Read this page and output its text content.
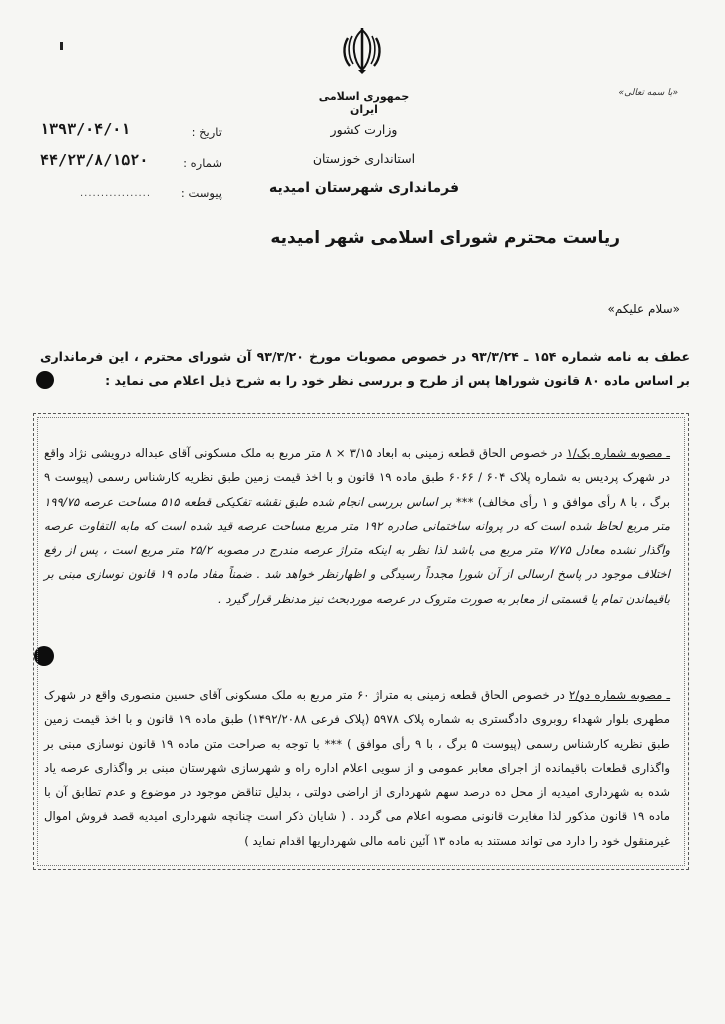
«با سمه تعالی»
جمهوری اسلامی ایران
وزارت کشور
استانداری خوزستان
فرمانداری شهرستان امیدیه
تاریخ :
۱۳۹۳/۰۴/۰۱
شماره :
۴۴/۲۳/۸/۱۵۲۰
پیوست :
.................
ریاست محترم شورای اسلامی شهر امیدیه
«سلام علیکم»
عطف به نامه شماره ۱۵۴ ـ ۹۳/۳/۲۴ در خصوص مصوبات مورخ ۹۳/۳/۲۰ آن شورای محترم ، این فرمانداری بر اساس ماده ۸۰ قانون شوراها پس از طرح و بررسی نظر خود را به شرح ذیل اعلام می نماید :
ـ مصوبه شماره یک/۱ در خصوص الحاق قطعه زمینی به ابعاد ۳/۱۵ × ۸ متر مربع به ملک مسکونی آقای عبداله درویشی نژاد واقع در شهرک پردیس به شماره پلاک ۶۰۴ / ۶۰۶۶ طبق ماده ۱۹ قانون و با اخذ قیمت زمین طبق نظریه کارشناس رسمی (پیوست ۹ برگ ، با ۸ رأی موافق و ۱ رأی مخالف) *** بر اساس بررسی انجام شده طبق نقشه تفکیکی قطعه ۵۱۵ مساحت عرصه ۱۹۹/۷۵ متر مربع لحاظ شده است که در پروانه ساختمانی صادره ۱۹۲ متر مربع مساحت عرصه قید شده است که مابه التفاوت عرصه واگذار نشده معادل ۷/۷۵ متر مربع می باشد لذا نظر به اینکه متراژ عرصه مندرج در مصوبه ۲۵/۲ متر مربع است ، پس از رفع اختلاف موجود در پاسخ ارسالی از آن شورا مجدداً رسیدگی و اظهارنظر خواهد شد . ضمناً مفاد ماده ۱۹ قانون نوسازی مبنی بر باقیماندن تمام یا قسمتی از معابر به صورت متروک در عرصه موردبحث نیز مدنظر قرار گیرد .
ـ مصوبه شماره دو/۲ در خصوص الحاق قطعه زمینی به متراژ ۶۰ متر مربع به ملک مسکونی آقای حسین منصوری واقع در شهرک مطهری بلوار شهداء روبروی دادگستری به شماره پلاک ۵۹۷۸ (پلاک فرعی ۱۴۹۲/۲۰۸۸) طبق ماده ۱۹ قانون و با اخذ قیمت زمین طبق نظریه کارشناس رسمی (پیوست ۵ برگ ، با ۹ رأی موافق ) *** با توجه به صراحت متن ماده ۱۹ قانون نوسازی مبنی بر واگذاری قطعات باقیمانده از اجرای معابر عمومی و از سویی اعلام اداره راه و شهرسازی شهرستان مبنی بر واگذاری عرصه یاد شده به شهرداری امیدیه از محل ده درصد سهم شهرداری از اراضی دولتی ، بدلیل تناقض موجود در موضوع و عدم تطابق آن با ماده ۱۹ قانون مذکور لذا مغایرت قانونی مصوبه اعلام می گردد . ( شایان ذکر است چنانچه شهرداری امیدیه قصد فروش اموال غیرمنقول خود را دارد می تواند مستند به ماده ۱۳ آئین نامه مالی شهرداریها اقدام نماید )
